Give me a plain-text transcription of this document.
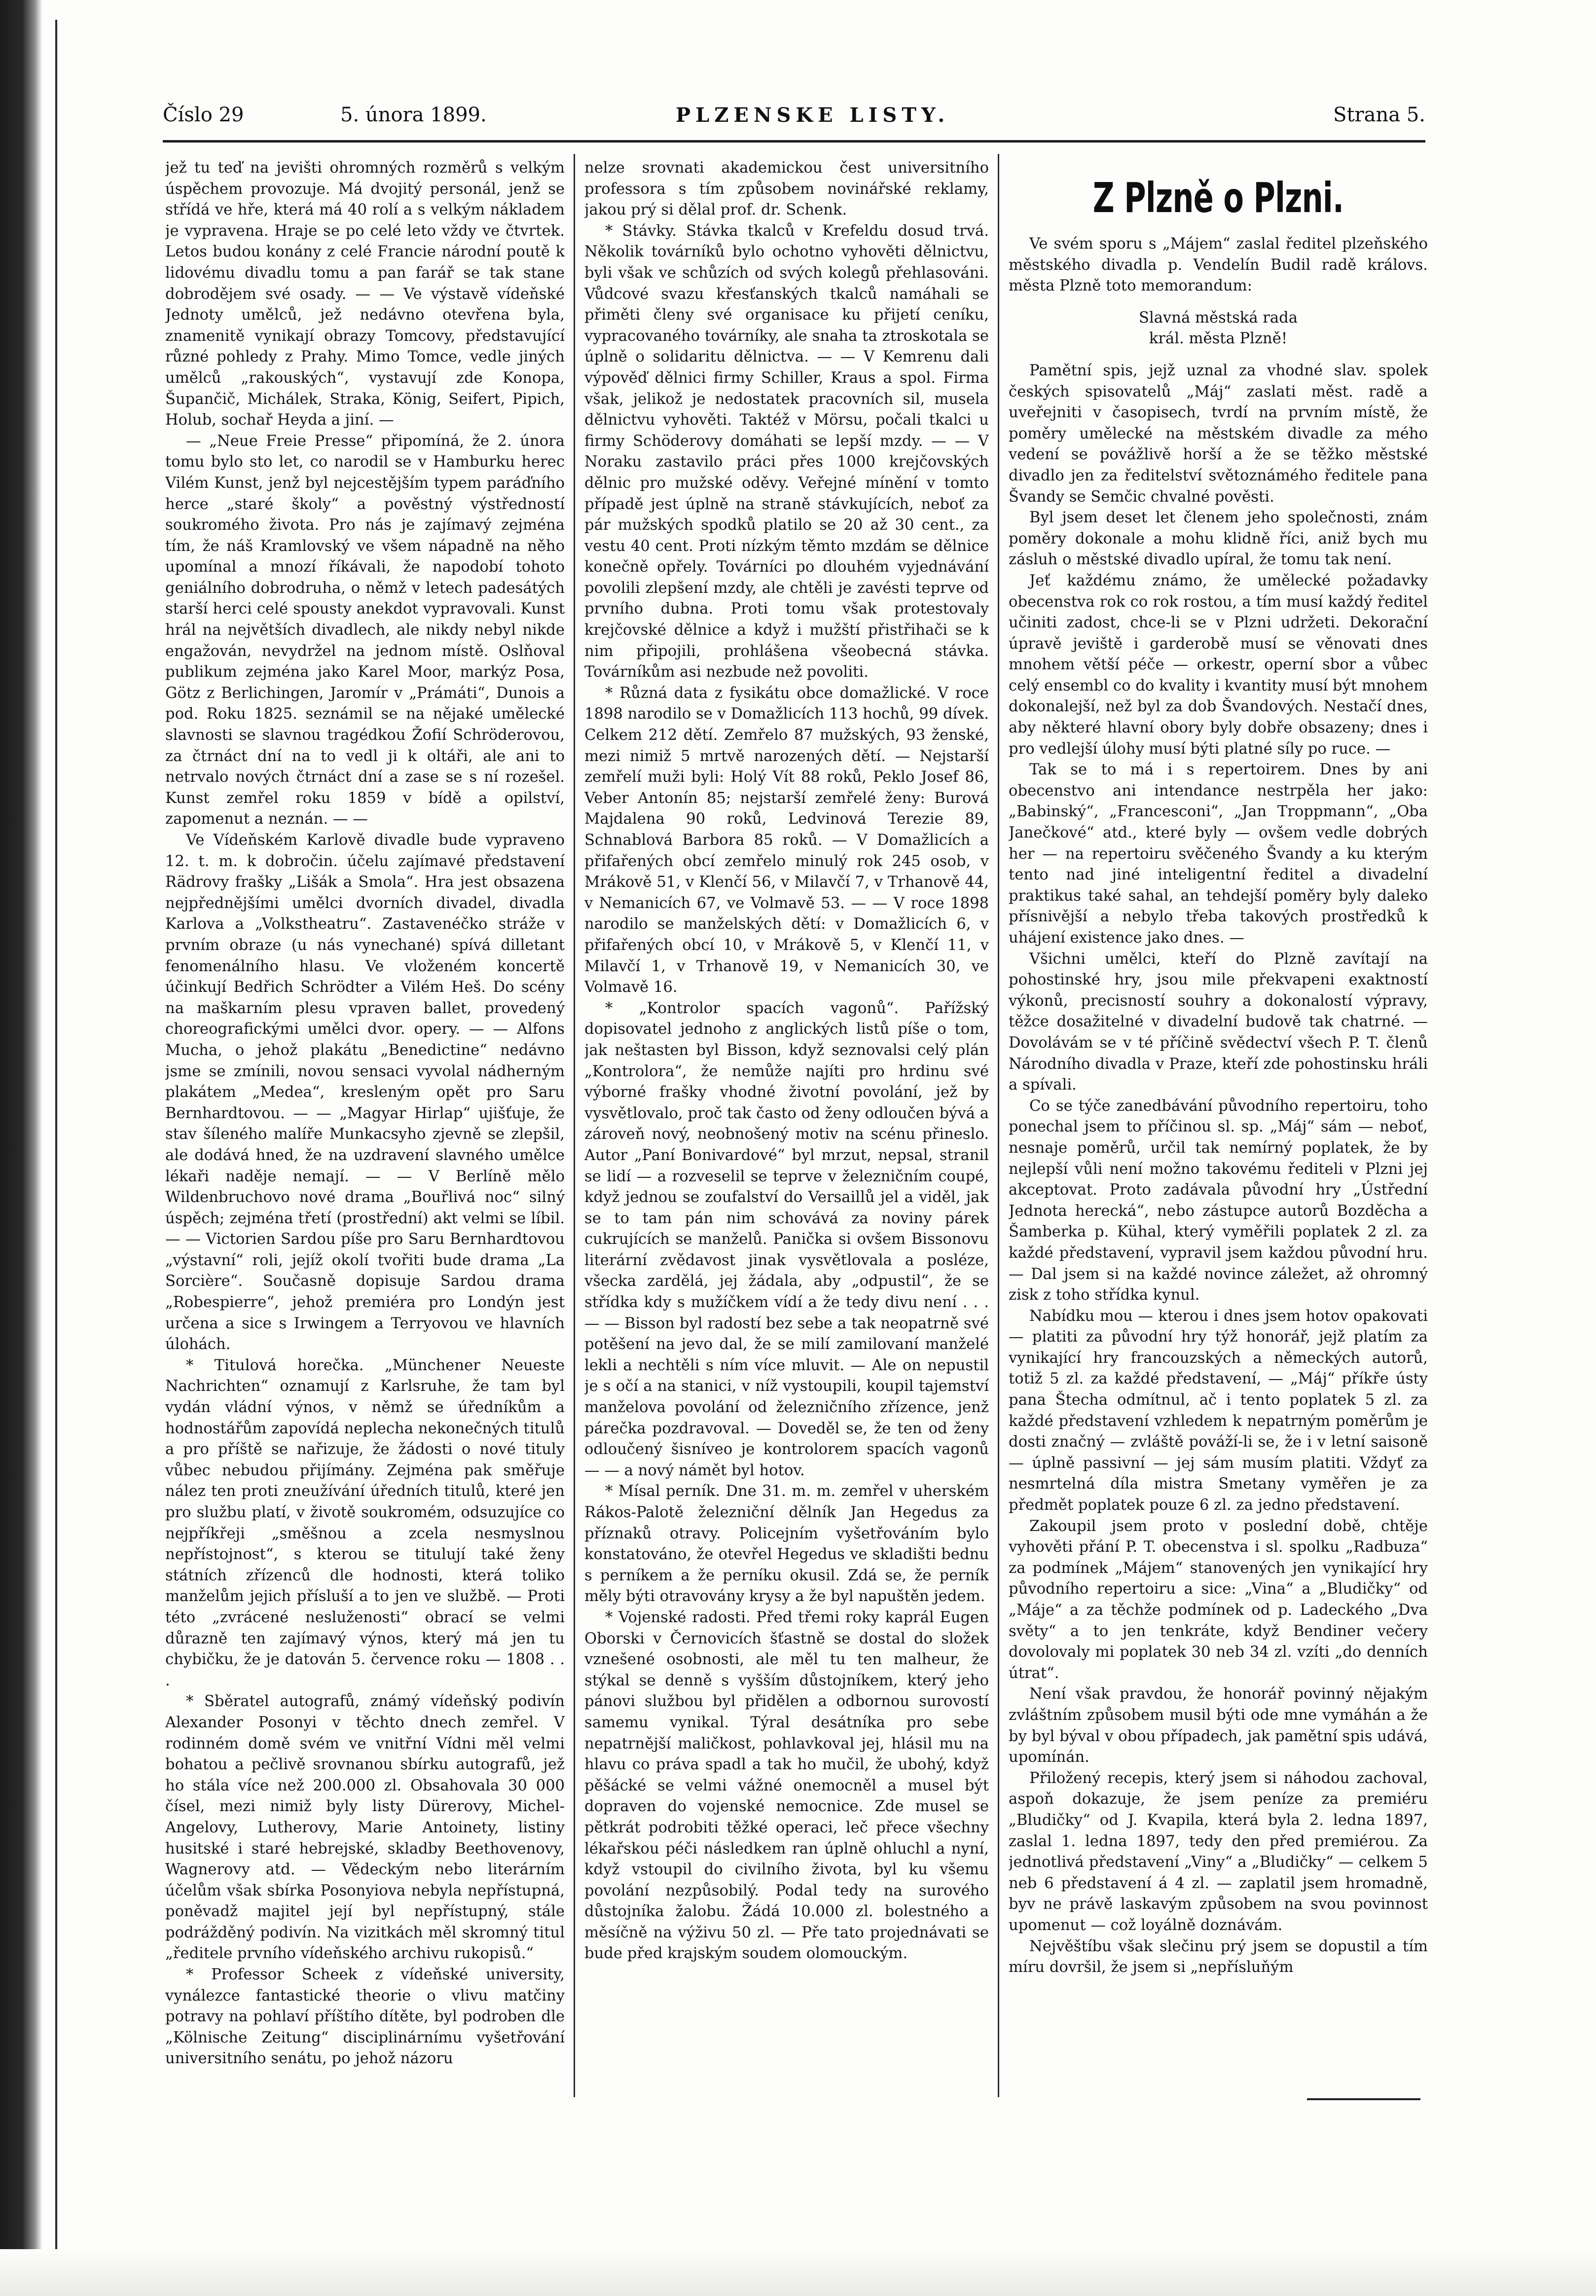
Číslo 29	5. února 1899.	PLZENSKE LISTY.	Strana 5.

jež tu teď na jevišti ohromných rozměrů s velkým úspěchem provozuje. Má dvojitý personál, jenž se střídá ve hře, která má 40 rolí a s velkým nákladem je vypravena. Hraje se po celé leto vždy ve čtvrtek. Letos budou konány z celé Francie národní poutě k lidovému divadlu tomu a pan farář se tak stane dobrodějem své osady. — — Ve výstavě vídeňské Jednoty umělců, jež nedávno otevřena byla, znamenitě vynikají obrazy Tomcovy, představující různé pohledy z Prahy. Mimo Tomce, vedle jiných umělců „rakouských“, vystavují zde Konopa, Šupančič, Michálek, Straka, König, Seifert, Pipich, Holub, sochař Heyda a jiní. —

— „Neue Freie Presse“ připomíná, že 2. února tomu bylo sto let, co narodil se v Hamburku herec Vilém Kunst, jenž byl nejcestějším typem paráďního herce „staré školy“ a pověstný výstředností soukromého života. Pro nás je zajímavý zejména tím, že náš Kramlovský ve všem nápadně na něho upomínal a mnozí říkávali, že napodobí tohoto geniálního dobrodruha, o němž v letech padesátých starší herci celé spousty anekdot vypravovali. Kunst hrál na největších divadlech, ale nikdy nebyl nikde engažován, nevydržel na jednom místě. Oslňoval publikum zejména jako Karel Moor, markýz Posa, Götz z Berlichingen, Jaromír v „Prámáti“, Dunois a pod. Roku 1825. seznámil se na nějaké umělecké slavnosti se slavnou tragédkou Žofií Schröderovou, za čtrnáct dní na to vedl ji k oltáři, ale ani to netrvalo nových čtrnáct dní a zase se s ní rozešel. Kunst zemřel roku 1859 v bídě a opilství, zapomenut a neznán. — —

Ve Vídeňském Karlově divadle bude vypraveno 12. t. m. k dobročin. účelu zajímavé představení Rädrovy frašky „Lišák a Smola“. Hra jest obsazena nejpřednějšími umělci dvorních divadel, divadla Karlova a „Volkstheatru“. Zastavenéčko stráže v prvním obraze (u nás vynechané) spívá dilletant fenomenálního hlasu. Ve vloženém koncertě účinkují Bedřich Schrödter a Vilém Heš. Do scény na maškarním plesu vpraven ballet, provedený choreografickými umělci dvor. opery. — — Alfons Mucha, o jehož plakátu „Benedictine“ nedávno jsme se zmínili, novou sensaci vyvolal nádherným plakátem „Medea“, kresleným opět pro Saru Bernhardtovou. — — „Magyar Hirlap“ ujišťuje, že stav šíleného malíře Munkacsyho zjevně se zlepšil, ale dodává hned, že na uzdravení slavného umělce lékaři naděje nemají. — — V Berlíně mělo Wildenbruchovo nové drama „Bouřlivá noc“ silný úspěch; zejména třetí (prostřední) akt velmi se líbil. — — Victorien Sardou píše pro Saru Bernhardtovou „výstavní“ roli, jejíž okolí tvořiti bude drama „La Sorcière“. Současně dopisuje Sardou drama „Robespierre“, jehož premiéra pro Londýn jest určena a sice s Irwingem a Terryovou ve hlavních úlohách.

* Titulová horečka. „Münchener Neueste Nachrichten“ oznamují z Karlsruhe, že tam byl vydán vládní výnos, v němž se úředníkům a hodnostářům zapovídá neplecha nekonečných titulů a pro příště se nařizuje, že žádosti o nové tituly vůbec nebudou přijímány. Zejména pak směřuje nález ten proti zneužívání úředních titulů, které jen pro službu platí, v životě soukromém, odsuzujíce co nejpříkřeji „směšnou a zcela nesmyslnou nepřístojnost“, s kterou se titulují také ženy státních zřízenců dle hodnosti, která toliko manželům jejich přísluší a to jen ve službě. — Proti této „zvrácené nesluženosti“ obrací se velmi důrazně ten zajímavý výnos, který má jen tu chybičku, že je datován 5. července roku — 1808 . . .

* Sběratel autografů, známý vídeňský podivín Alexander Posonyi v těchto dnech zemřel. V rodinném domě svém ve vnitřní Vídni měl velmi bohatou a pečlivě srovnanou sbírku autografů, jež ho stála více než 200.000 zl. Obsahovala 30 000 čísel, mezi nimiž byly listy Dürerovy, Michel-Angelovy, Lutherovy, Marie Antoinety, listiny husitské i staré hebrejské, skladby Beethovenovy, Wagnerovy atd. — Vědeckým nebo literárním účelům však sbírka Posonyiova nebyla nepřístupná, poněvadž majitel její byl nepřístupný, stále podrážděný podivín. Na vizitkách měl skromný titul „ředitele prvního vídeňského archivu rukopisů.“

* Professor Scheek z vídeňské university, vynálezce fantastické theorie o vlivu matčiny potravy na pohlaví příštího dítěte, byl podroben dle „Kölnische Zeitung“ disciplinárnímu vyšetřování universitního senátu, po jehož názoru

nelze srovnati akademickou čest universitního professora s tím způsobem novinářské reklamy, jakou prý si dělal prof. dr. Schenk.

* Stávky. Stávka tkalců v Krefeldu dosud trvá. Několik továrníků bylo ochotno vyhověti dělnictvu, byli však ve schůzích od svých kolegů přehlasováni. Vůdcové svazu křesťanských tkalců namáhali se přiměti členy své organisace ku přijetí ceníku, vypracovaného továrníky, ale snaha ta ztroskotala se úplně o solidaritu dělnictva. — — V Kemrenu dali výpověď dělnici firmy Schiller, Kraus a spol. Firma však, jelikož je nedostatek pracovních sil, musela dělnictvu vyhověti. Taktéž v Mörsu, počali tkalci u firmy Schöderovy domáhati se lepší mzdy. — — V Noraku zastavilo práci přes 1000 krejčovských dělnic pro mužské oděvy. Veřejné mínění v tomto případě jest úplně na straně stávkujících, neboť za pár mužských spodků platilo se 20 až 30 cent., za vestu 40 cent. Proti nízkým těmto mzdám se dělnice konečně opřely. Továrníci po dlouhém vyjednávání povolili zlepšení mzdy, ale chtěli je zavésti teprve od prvního dubna. Proti tomu však protestovaly krejčovské dělnice a když i mužští přistřihači se k nim připojili, prohlášena všeobecná stávka. Továrníkům asi nezbude než povoliti.

* Různá data z fysikátu obce domažlické. V roce 1898 narodilo se v Domažlicích 113 hochů, 99 dívek. Celkem 212 dětí. Zemřelo 87 mužských, 93 ženské, mezi nimiž 5 mrtvě narozených dětí. — Nejstarší zemřelí muži byli: Holý Vít 88 roků, Peklo Josef 86, Veber Antonín 85; nejstarší zemřelé ženy: Burová Majdalena 90 roků, Ledvinová Terezie 89, Schnablová Barbora 85 roků. — V Domažlicích a přifařených obcí zemřelo minulý rok 245 osob, v Mrákově 51, v Klenčí 56, v Milavčí 7, v Trhanově 44, v Nemanicích 67, ve Volmavě 53. — — V roce 1898 narodilo se manželských dětí: v Domažlicích 6, v přifařených obcí 10, v Mrákově 5, v Klenčí 11, v Milavčí 1, v Trhanově 19, v Nemanicích 30, ve Volmavě 16.

* „Kontrolor spacích vagonů“. Pařížský dopisovatel jednoho z anglických listů píše o tom, jak neštasten byl Bisson, když seznovalsi celý plán „Kontrolora“, že nemůže najíti pro hrdinu své výborné frašky vhodné životní povolání, jež by vysvětlovalo, proč tak často od ženy odloučen bývá a zároveň nový, neobnošený motiv na scénu přineslo. Autor „Paní Bonivardové“ byl mrzut, nepsal, stranil se lidí — a rozveselil se teprve v železničním coupé, když jednou se zoufalství do Versaillů jel a viděl, jak se to tam pán nim schovává za noviny párek cukrujících se manželů. Panička si ovšem Bissonovu literární zvědavost jinak vysvětlovala a posléze, všecka zardělá, jej žádala, aby „odpustil“, že se střídka kdy s mužíčkem vídí a že tedy divu není . . . — — Bisson byl radostí bez sebe a tak neopatrně své potěšení na jevo dal, že se milí zamilovaní manželé lekli a nechtěli s ním více mluvit. — Ale on nepustil je s očí a na stanici, v níž vystoupili, koupil tajemství manželova povolání od železničního zřízence, jenž párečka pozdravoval. — Doveděl se, že ten od ženy odloučený šisníveo je kontrolorem spacích vagonů — — a nový námět byl hotov.

* Mísal perník. Dne 31. m. m. zemřel v uherském Rákos-Palotě železniční dělník Jan Hegedus za příznaků otravy. Policejním vyšetřováním bylo konstatováno, že otevřel Hegedus ve skladišti bednu s perníkem a že perníku okusil. Zdá se, že perník měly býti otravovány krysy a že byl napuštěn jedem.

* Vojenské radosti. Před třemi roky kaprál Eugen Oborski v Černovicích šťastně se dostal do složek vznešené osobnosti, ale měl tu ten malheur, že stýkal se denně s vyšším důstojníkem, který jeho pánovi službou byl přidělen a odbornou surovostí samemu vynikal. Týral desátníka pro sebe nepatrnější maličkost, pohlavkoval jej, hlásil mu na hlavu co práva spadl a tak ho mučil, že ubohý, když pěšácké se velmi vážné onemocněl a musel být dopraven do vojenské nemocnice. Zde musel se pětkrát podrobiti těžké operaci, leč přece všechny lékařskou péči následkem ran úplně ohluchl a nyní, když vstoupil do civilního života, byl ku všemu povolání nezpůsobilý. Podal tedy na surového důstojníka žalobu. Žádá 10.000 zl. bolestného a měsíčně na výživu 50 zl. — Pře tato projednávati se bude před krajským soudem olomouckým.

Z Plzně o Plzni.

Ve svém sporu s „Májem“ zaslal ředitel plzeňského městského divadla p. Vendelín Budil radě královs. města Plzně toto memorandum:

Slavná městská rada
král. města Plzně!

Pamětní spis, jejž uznal za vhodné slav. spolek českých spisovatelů „Máj“ zaslati měst. radě a uveřejniti v časopisech, tvrdí na prvním místě, že poměry umělecké na městském divadle za mého vedení se povážlivě horší a že se těžko městské divadlo jen za ředitelství světoznámého ředitele pana Švandy se Semčic chvalné pověsti.

Byl jsem deset let členem jeho společnosti, znám poměry dokonale a mohu klidně říci, aniž bych mu zásluh o městské divadlo upíral, že tomu tak není.

Jeť každému známo, že umělecké požadavky obecenstva rok co rok rostou, a tím musí každý ředitel učiniti zadost, chce-li se v Plzni udržeti. Dekorační úpravě jeviště i garderobě musí se věnovati dnes mnohem větší péče — orkestr, operní sbor a vůbec celý ensembl co do kvality i kvantity musí být mnohem dokonalejší, než byl za dob Švandových. Nestačí dnes, aby některé hlavní obory byly dobře obsazeny; dnes i pro vedlejší úlohy musí býti platné síly po ruce. —

Tak se to má i s repertoirem. Dnes by ani obecenstvo ani intendance nestrpěla her jako: „Babinský“, „Francesconi“, „Jan Troppmann“, „Oba Janečkové“ atd., které byly — ovšem vedle dobrých her — na repertoiru svěčeného Švandy a ku kterým tento nad jiné inteligentní ředitel a divadelní praktikus také sahal, an tehdejší poměry byly daleko přísnivější a nebylo třeba takových prostředků k uhájení existence jako dnes. —

Všichni umělci, kteří do Plzně zavítají na pohostinské hry, jsou mile překvapeni exaktností výkonů, precisností souhry a dokonalostí výpravy, těžce dosažitelné v divadelní budově tak chatrné. — Dovolávám se v té příčině svědectví všech P. T. členů Národního divadla v Praze, kteří zde pohostinsku hráli a spívali.

Co se týče zanedbávání původního repertoiru, toho ponechal jsem to příčinou sl. sp. „Máj“ sám — neboť, nesnaje poměrů, určil tak nemírný poplatek, že by nejlepší vůli není možno takovému řediteli v Plzni jej akceptovat. Proto zadávala původní hry „Ústřední Jednota herecká“, nebo zástupce autorů Bozděcha a Šamberka p. Kühal, který vyměřili poplatek 2 zl. za každé představení, vypravil jsem každou původní hru. — Dal jsem si na každé novince záležet, až ohromný zisk z toho střídka kynul.

Nabídku mou — kterou i dnes jsem hotov opakovati — platiti za původní hry týž honorář, jejž platím za vynikající hry francouzských a německých autorů, totiž 5 zl. za každé představení, — „Máj“ příkře ústy pana Štecha odmítnul, ač i tento poplatek 5 zl. za každé představení vzhledem k nepatrným poměrům je dosti značný — zvláště pováží-li se, že i v letní saisoně — úplně passivní — jej sám musím platiti. Vždyť za nesmrtelná díla mistra Smetany vyměřen je za předmět poplatek pouze 6 zl. za jedno představení.

Zakoupil jsem proto v poslední době, chtěje vyhověti přání P. T. obecenstva i sl. spolku „Radbuza“ za podmínek „Májem“ stanovených jen vynikající hry původního repertoiru a sice: „Vina“ a „Bludičky“ od „Máje“ a za těchže podmínek od p. Ladeckého „Dva světy“ a to jen tenkráte, když Bendiner večery dovolovaly mi poplatek 30 neb 34 zl. vzíti „do denních útrat“.

Není však pravdou, že honorář povinný nějakým zvláštním způsobem musil býti ode mne vymáhán a že by byl býval v obou případech, jak pamětní spis udává, upomínán.

Přiložený recepis, který jsem si náhodou zachoval, aspoň dokazuje, že jsem peníze za premiéru „Bludičky“ od J. Kvapila, která byla 2. ledna 1897, zaslal 1. ledna 1897, tedy den před premiérou. Za jednotlivá představení „Viny“ a „Bludičky“ — celkem 5 neb 6 představení á 4 zl. — zaplatil jsem hromadně, byv ne právě laskavým způsobem na svou povinnost upomenut — což loyálně doznávám.

Nejvěštíbu však slečinu prý jsem se dopustil a tím míru dovršil, že jsem si „nepřísluňým
